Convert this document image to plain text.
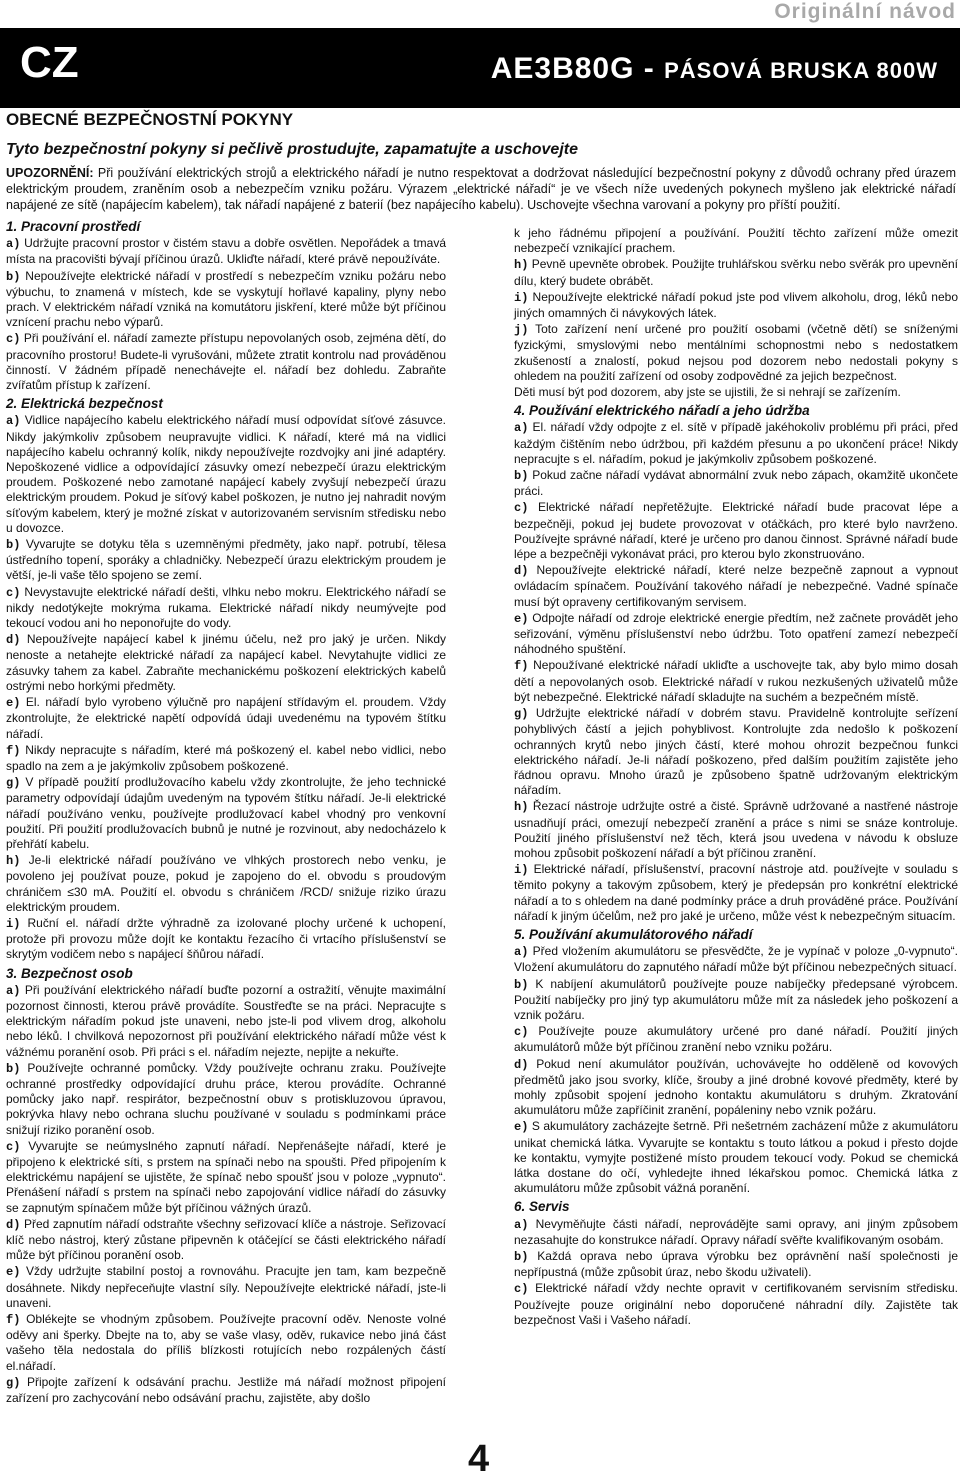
Originální návod
CZ	AE3B80G - PÁSOVÁ BRUSKA 800W
OBECNÉ BEZPEČNOSTNÍ POKYNY
Tyto bezpečnostní pokyny si pečlivě prostudujte, zapamatujte a uschovejte
UPOZORNĚNÍ: Při používání elektrických strojů a elektrického nářadí je nutno respektovat a dodržovat následující bezpečnostní pokyny z důvodů ochrany před úrazem elektrickým proudem, zraněním osob a nebezpečím vzniku požáru. Výrazem „elektrické nářadí“ je ve všech níže uvedených pokynech myšleno jak elektrické nářadí napájené ze sítě (napájecím kabelem), tak nářadí napájené z baterií (bez napájecího kabelu). Uschovejte všechna varovaní a pokyny pro příští použití.
1. Pracovní prostředí

a) Udržujte pracovní prostor v čistém stavu a dobře osvětlen. Nepořádek a tmavá místa na pracovišti bývají příčinou úrazů. Ukliďte nářadí, které právě nepoužíváte.

b) Nepoužívejte elektrické nářadí v prostředí s nebezpečím vzniku požáru nebo výbuchu, to znamená v místech, kde se vyskytují hořlavé kapaliny, plyny nebo prach. V elektrickém nářadí vzniká na komutátoru jiskření, které může být příčinou vznícení prachu nebo výparů.

c) Při používání el. nářadí zamezte přístupu nepovolaných osob, zejména dětí, do pracovního prostoru! Budete-li vyrušováni, můžete ztratit kontrolu nad prováděnou činností. V žádném případě nenechávejte el. nářadí bez dohledu. Zabraňte zvířatům přístup k zařízení.

2. Elektrická bezpečnost

a) Vidlice napájecího kabelu elektrického nářadí musí odpovídat síťové zásuvce. Nikdy jakýmkoliv způsobem neupravujte vidlici. K nářadí, které má na vidlici napájecího kabelu ochranný kolík, nikdy nepoužívejte rozdvojky ani jiné adaptéry. Nepoškozené vidlice a odpovídající zásuvky omezí nebezpečí úrazu elektrickým proudem. Poškozené nebo zamotané napájecí kabely zvyšují nebezpečí úrazu elektrickým proudem. Pokud je síťový kabel poškozen, je nutno jej nahradit novým síťovým kabelem, který je možné získat v autorizovaném servisním středisku nebo u dovozce.

b) Vyvarujte se dotyku těla s uzemněnými předměty, jako např. potrubí, tělesa ústředního topení, sporáky a chladničky. Nebezpečí úrazu elektrickým proudem je větší, je-li vaše tělo spojeno se zemí.

c) Nevystavujte elektrické nářadí dešti, vlhku nebo mokru. Elektrického nářadí se nikdy nedotýkejte mokrýma rukama. Elektrické nářadí nikdy neumývejte pod tekoucí vodou ani ho neponořujte do vody.

d) Nepoužívejte napájecí kabel k jinému účelu, než pro jaký je určen. Nikdy nenoste a netahejte elektrické nářadí za napájecí kabel. Nevytahujte vidlici ze zásuvky tahem za kabel. Zabraňte mechanickému poškození elektrických kabelů ostrými nebo horkými předměty.

e) El. nářadí bylo vyrobeno výlučně pro napájení střídavým el. proudem. Vždy zkontrolujte, že elektrické napětí odpovídá údaji uvedenému na typovém štítku nářadí.

f) Nikdy nepracujte s nářadím, které má poškozený el. kabel nebo vidlici, nebo spadlo na zem a je jakýmkoliv způsobem poškozené.

g) V případě použití prodlužovacího kabelu vždy zkontrolujte, že jeho technické parametry odpovídají údajům uvedeným na typovém štítku nářadí. Je-li elektrické nářadí používáno venku, používejte prodlužovací kabel vhodný pro venkovní použití. Při použití prodlužovacích bubnů je nutné je rozvinout, aby nedocházelo k přehřátí kabelu.

h) Je-li elektrické nářadí používáno ve vlhkých prostorech nebo venku, je povoleno jej používat pouze, pokud je zapojeno do el. obvodu s proudovým chráničem ≤30 mA. Použití el. obvodu s chráničem /RCD/ snižuje riziko úrazu elektrickým proudem.

i) Ruční el. nářadí držte výhradně za izolované plochy určené k uchopení, protože při provozu může dojít ke kontaktu řezacího či vrtacího příslušenství se skrytým vodičem nebo s napájecí šňůrou nářadí.

3. Bezpečnost osob

a) Při používání elektrického nářadí buďte pozorní a ostražití, věnujte maximální pozornost činnosti, kterou právě provádíte. Soustřeďte se na práci. Nepracujte s elektrickým nářadím pokud jste unaveni, nebo jste-li pod vlivem drog, alkoholu nebo léků. I chvilková nepozornost při používání elektrického nářadí může vést k vážnému poranění osob. Při práci s el. nářadím nejezte, nepijte a nekuřte.

b) Používejte ochranné pomůcky. Vždy používejte ochranu zraku. Používejte ochranné prostředky odpovídající druhu práce, kterou provádíte. Ochranné pomůcky jako např. respirátor, bezpečnostní obuv s protiskluzovou úpravou, pokrývka hlavy nebo ochrana sluchu používané v souladu s podmínkami práce snižují riziko poranění osob.

c) Vyvarujte se neúmyslného zapnutí nářadí. Nepřenášejte nářadí, které je připojeno k elektrické síti, s prstem na spínači nebo na spoušti. Před připojením k elektrickému napájení se ujistěte, že spínač nebo spoušť jsou v poloze „vypnuto“. Přenášení nářadí s prstem na spínači nebo zapojování vidlice nářadí do zásuvky se zapnutým spínačem může být příčinou vážných úrazů.

d) Před zapnutím nářadí odstraňte všechny seřizovací klíče a nástroje. Seřizovací klíč nebo nástroj, který zůstane připevněn k otáčející se části elektrického nářadí může být příčinou poranění osob.

e) Vždy udržujte stabilní postoj a rovnováhu. Pracujte jen tam, kam bezpečně dosáhnete. Nikdy nepřeceňujte vlastní síly. Nepoužívejte elektrické nářadí, jste-li unaveni.

f) Oblékejte se vhodným způsobem. Používejte pracovní oděv. Nenoste volné oděvy ani šperky. Dbejte na to, aby se vaše vlasy, oděv, rukavice nebo jiná část vašeho těla nedostala do příliš blízkosti rotujících nebo rozpálených částí el.nářadí.

g) Připojte zařízení k odsávání prachu. Jestliže má nářadí možnost připojení zařízení pro zachycování nebo odsávání prachu, zajistěte, aby došlo

k jeho řádnému připojení a používání. Použití těchto zařízení může omezit nebezpečí vznikající prachem.

h) Pevně upevněte obrobek. Použijte truhlářskou svěrku nebo svěrák pro upevnění dílu, který budete obrábět.

i) Nepoužívejte elektrické nářadí pokud jste pod vlivem alkoholu, drog, léků nebo jiných omamných či návykových látek.

j) Toto zařízení není určené pro použití osobami (včetně dětí) se sníženými fyzickými, smyslovými nebo mentálními schopnostmi nebo s nedostatkem zkušeností a znalostí, pokud nejsou pod dozorem nebo nedostali pokyny s ohledem na použití zařízení od osoby zodpovědné za jejich bezpečnost.

Děti musí být pod dozorem, aby jste se ujistili, že si nehrají se zařízením.

4. Používání elektrického nářadí a jeho údržba

a) El. nářadí vždy odpojte z el. sítě v případě jakéhokoliv problému při práci, před každým čištěním nebo údržbou, při každém přesunu a po ukončení práce! Nikdy nepracujte s el. nářadím, pokud je jakýmkoliv způsobem poškozené.

b) Pokud začne nářadí vydávat abnormální zvuk nebo zápach, okamžitě ukončete práci.

c) Elektrické nářadí nepřetěžujte. Elektrické nářadí bude pracovat lépe a bezpečněji, pokud jej budete provozovat v otáčkách, pro které bylo navrženo. Používejte správné nářadí, které je určeno pro danou činnost. Správné nářadí bude lépe a bezpečněji vykonávat práci, pro kterou bylo zkonstruováno.

d) Nepoužívejte elektrické nářadí, které nelze bezpečně zapnout a vypnout ovládacím spínačem. Používání takového nářadí je nebezpečné. Vadné spínače musí být opraveny certifikovaným servisem.

e) Odpojte nářadí od zdroje elektrické energie předtím, než začnete provádět jeho seřizování, výměnu příslušenství nebo údržbu. Toto opatření zamezí nebezpečí náhodného spuštění.

f) Nepoužívané elektrické nářadí ukliďte a uschovejte tak, aby bylo mimo dosah dětí a nepovolaných osob. Elektrické nářadí v rukou nezkušených uživatelů může být nebezpečné. Elektrické nářadí skladujte na suchém a bezpečném místě.

g) Udržujte elektrické nářadí v dobrém stavu. Pravidelně kontrolujte seřízení pohyblivých částí a jejich pohyblivost. Kontrolujte zda nedošlo k poškození ochranných krytů nebo jiných částí, které mohou ohrozit bezpečnou funkci elektrického nářadí. Je-li nářadí poškozeno, před dalším použitím zajistěte jeho řádnou opravu. Mnoho úrazů je způsobeno špatně udržovaným elektrickým nářadím.

h) Řezací nástroje udržujte ostré a čisté. Správně udržované a nastřené nástroje usnadňují práci, omezují nebezpečí zranění a práce s nimi se snáze kontroluje. Použití jiného příslušenství než těch, která jsou uvedena v návodu k obsluze mohou způsobit poškození nářadí a být příčinou zranění.

i) Elektrické nářadí, příslušenství, pracovní nástroje atd. používejte v souladu s těmito pokyny a takovým způsobem, který je předepsán pro konkrétní elektrické nářadí a to s ohledem na dané podmínky práce a druh prováděné práce. Používání nářadí k jiným účelům, než pro jaké je určeno, může vést k nebezpečným situacím.

5. Používání akumulátorového nářadí

a) Před vložením akumulátoru se přesvědčte, že je vypínač v poloze „0-vypnuto“. Vložení akumulátoru do zapnutého nářadí může být příčinou nebezpečných situací.

b) K nabíjení akumulátorů používejte pouze nabíječky předepsané výrobcem. Použití nabíječky pro jiný typ akumulátoru může mít za následek jeho poškození a vznik požáru.

c) Používejte pouze akumulátory určené pro dané nářadí. Použití jiných akumulátorů může být příčinou zranění nebo vzniku požáru.

d) Pokud není akumulátor používán, uchovávejte ho odděleně od kovových předmětů jako jsou svorky, klíče, šrouby a jiné drobné kovové předměty, které by mohly způsobit spojení jednoho kontaktu akumulátoru s druhým. Zkratování akumulátoru může zapříčinit zranění, popáleniny nebo vznik požáru.

e) S akumulátory zacházejte šetrně. Při nešetrném zacházení může z akumulátoru unikat chemická látka. Vyvarujte se kontaktu s touto látkou a pokud i přesto dojde ke kontaktu, vymyjte postižené místo proudem tekoucí vody. Pokud se chemická látka dostane do očí, vyhledejte ihned lékařskou pomoc. Chemická látka z akumulátoru může způsobit vážná poranění.

6. Servis

a) Nevyměňujte části nářadí, neprovádějte sami opravy, ani jiným způsobem nezasahujte do konstrukce nářadí. Opravy nářadí svěřte kvalifikovaným osobám.

b) Každá oprava nebo úprava výrobku bez oprávnění naší společnosti je nepřípustná (může způsobit úraz, nebo škodu uživateli).

c) Elektrické nářadí vždy nechte opravit v certifikovaném servisním středisku. Používejte pouze originální nebo doporučené náhradní díly. Zajistěte tak bezpečnost Vaši i Vašeho nářadí.

4
